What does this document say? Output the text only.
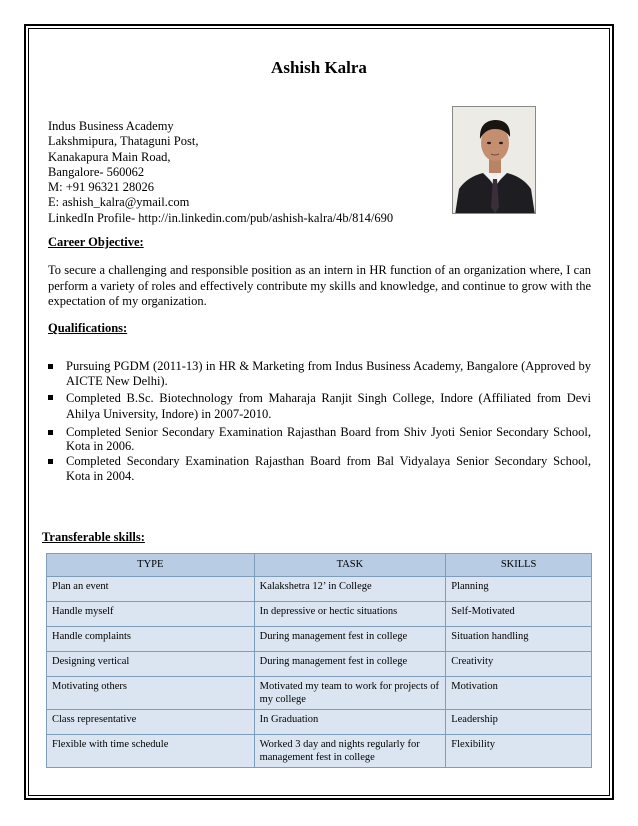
Ashish Kalra
Indus Business Academy
Lakshmipura, Thataguni Post,
Kanakapura Main Road,
Bangalore- 560062
M: +91 96321 28026
E: ashish_kalra@ymail.com
LinkedIn Profile- http://in.linkedin.com/pub/ashish-kalra/4b/814/690
Career Objective:
To secure a challenging and responsible position as an intern in HR function of an organization where, I can perform a variety of roles and effectively contribute my skills and knowledge, and continue to grow with the expectation of my organization.
Qualifications:
Pursuing PGDM (2011-13) in HR & Marketing from Indus Business Academy, Bangalore (Approved by AICTE New Delhi).
Completed B.Sc. Biotechnology from Maharaja Ranjit Singh College, Indore (Affiliated from Devi Ahilya University, Indore) in 2007-2010.
Completed Senior Secondary Examination Rajasthan Board from Shiv Jyoti Senior Secondary School, Kota in 2006.
Completed Secondary Examination Rajasthan Board from Bal Vidyalaya Senior Secondary School, Kota in 2004.
Transferable skills:
TYPE	TASK	SKILLS
Plan an event	Kalakshetra 12’ in College	Planning
Handle myself	In depressive or hectic situations	Self-Motivated
Handle complaints	During management fest in college	Situation handling
Designing vertical	During management fest in college	Creativity
Motivating others	Motivated my team to work for projects of my college	Motivation
Class representative	In Graduation	Leadership
Flexible with time schedule	Worked 3 day and nights regularly for management fest in college	Flexibility
